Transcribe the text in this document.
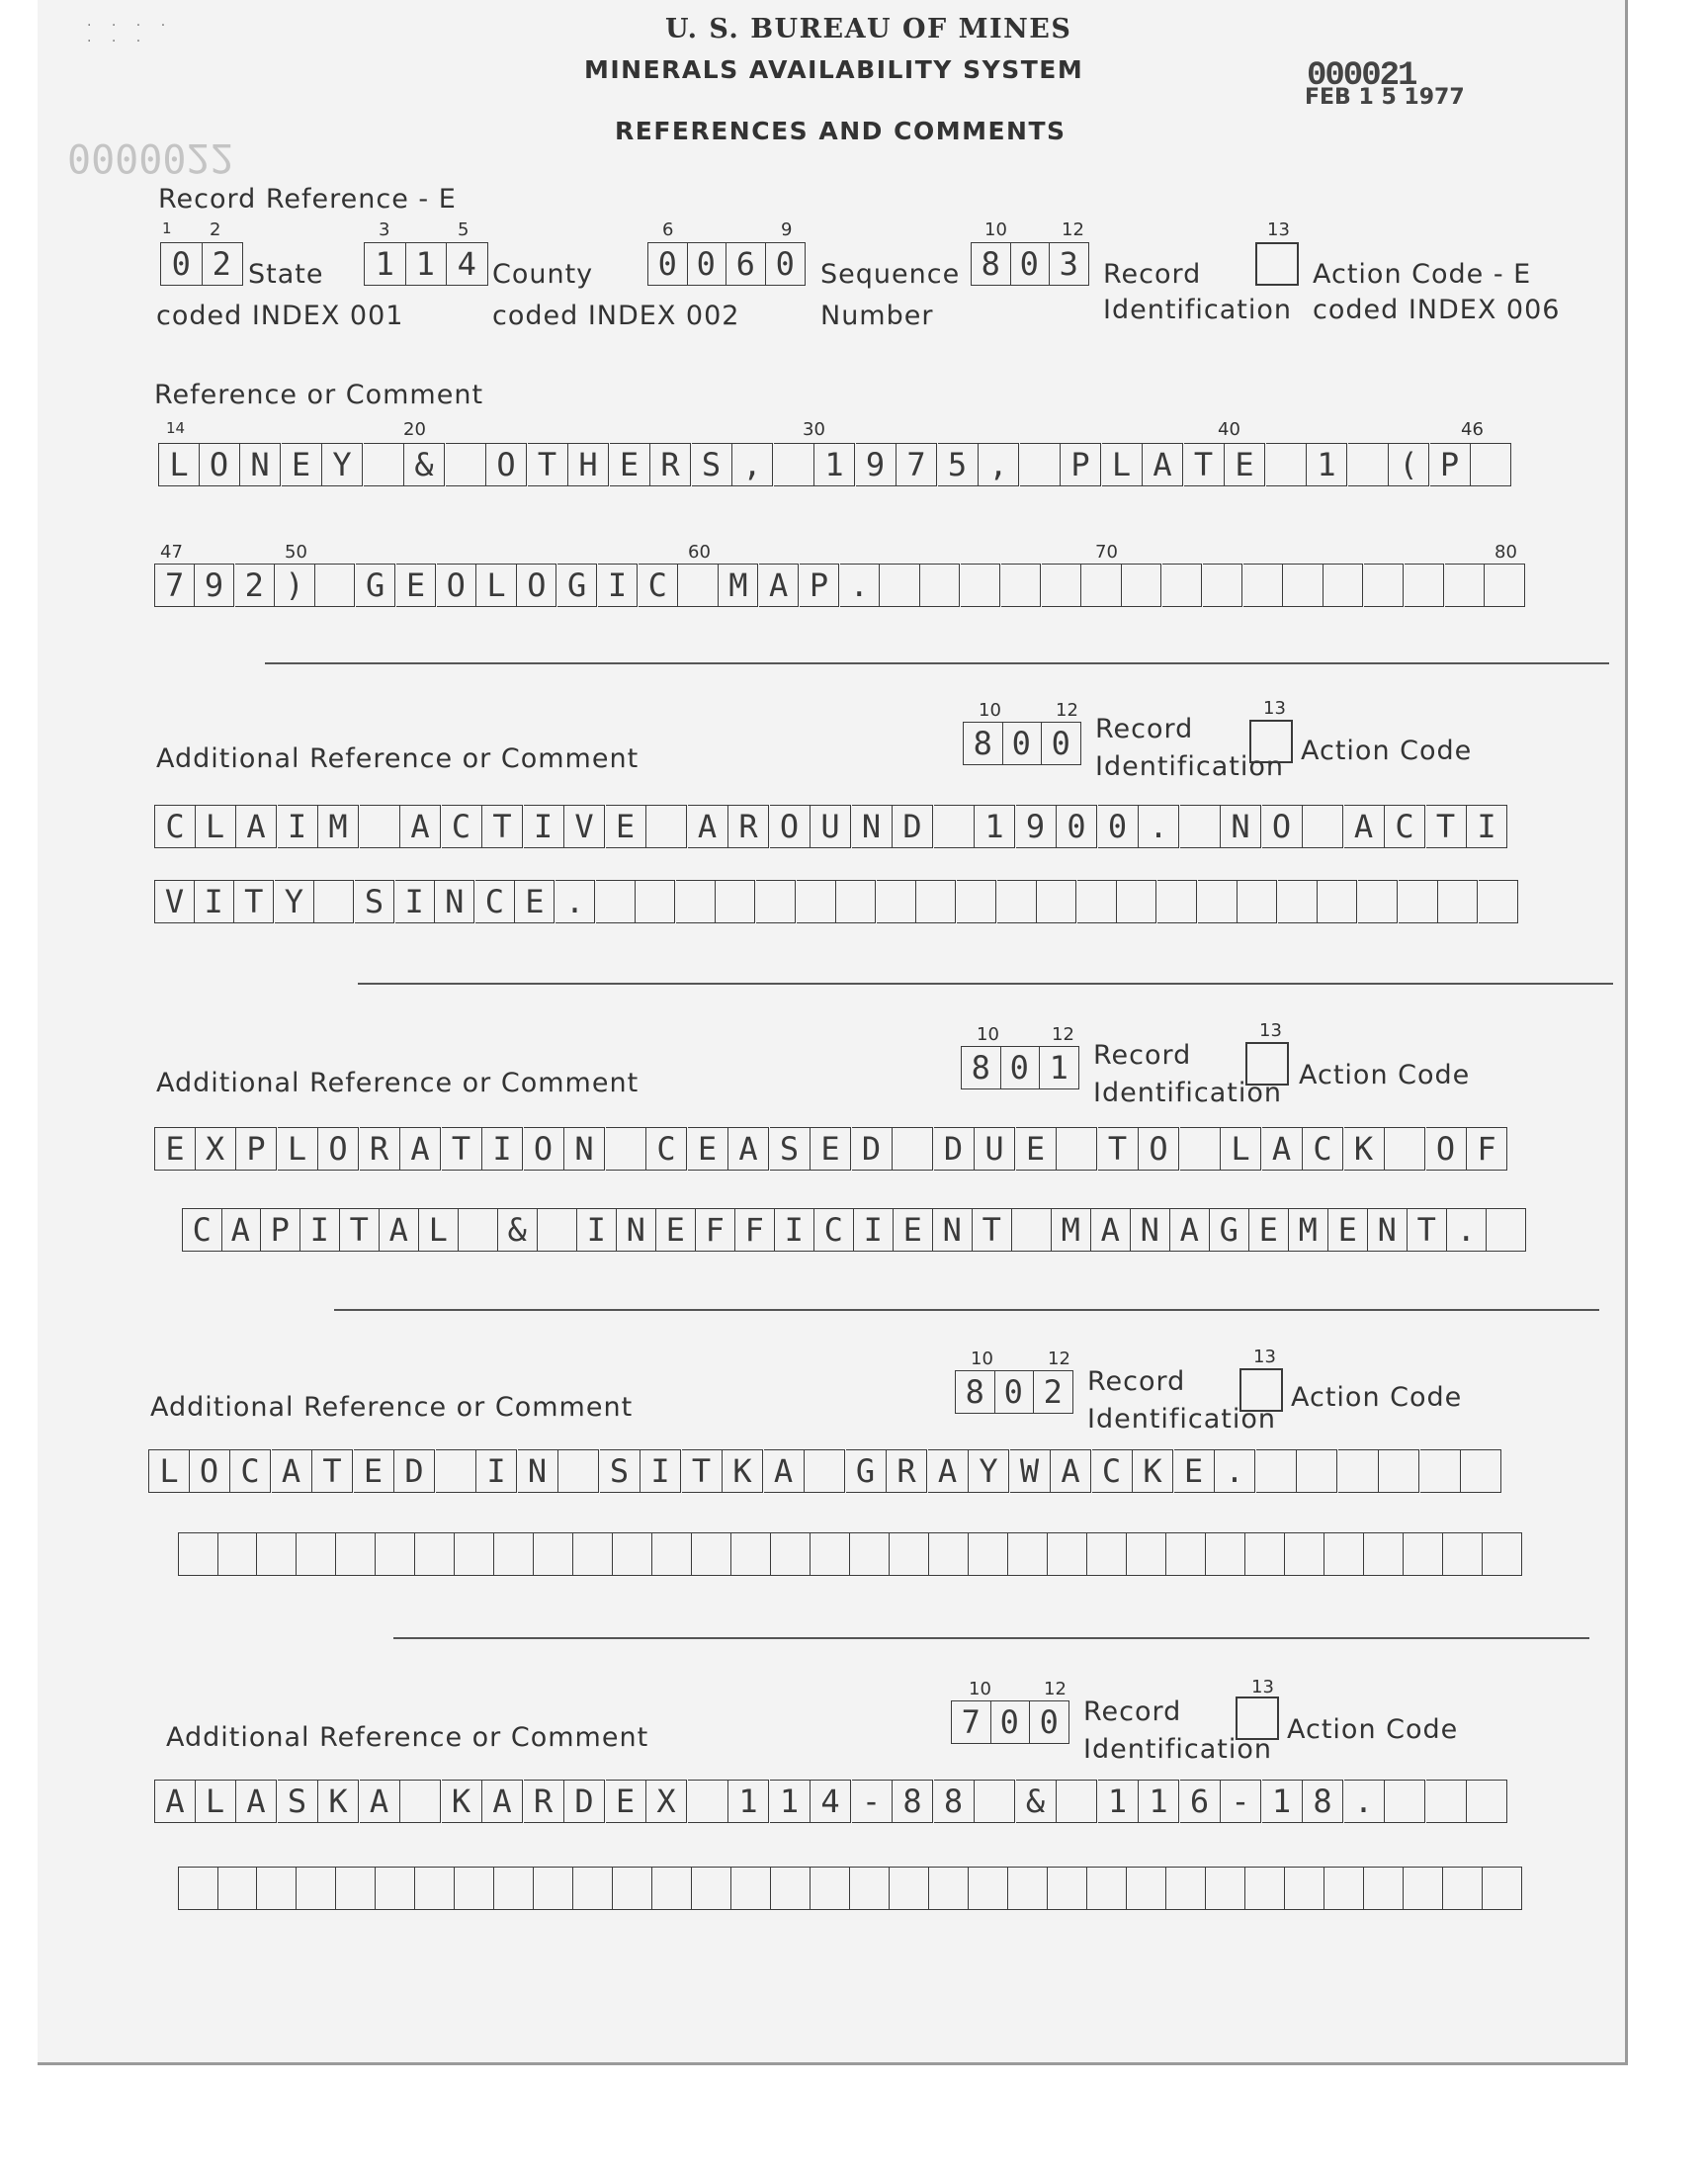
· · · ·
· · ·	U. S. BUREAU OF MINES
MINERALS AVAILABILITY SYSTEM
REFERENCES AND COMMENTS
000021
FEB 1 5 1977
0000022
Record Reference - E
1 2
0 2 State
coded INDEX 001
3	5
1 1 4 County
coded INDEX 002
6	9
0 0 6 0 Sequence
Number
10	12
8 0 3 Record
Identification
13
Action Code - E
coded INDEX 006
Reference or Comment
14	20	30	40	46
L O N E Y	&	O T H E R S ,	1 9 7 5 ,	P L A T E	1	( P
47	50	60	70	80
7 9 2 )	G E O L O G I C	M A P .
10	12
8 0 0 Record
Identification
13
Action Code
Additional Reference or Comment
C L A I M	A C T I V E	A R O U N D	1 9 0 0 .	N O	A C T I
V I T Y	S I N C E .
10	12
8 0 1 Record
Identification
13
Action Code
Additional Reference or Comment
E X P L O R A T I O N	C E A S E D	D U E	T O	L A C K	O F
C A P I T A L	&	I N E F F I C I E N T	M A N A G E M E N T .
10	12
8 0 2 Record
Identification
13
Action Code
Additional Reference or Comment
L O C A T E D	I N	S I T K A	G R A Y W A C K E .
10	12
7 0 0 Record
Identification
13
Action Code
Additional Reference or Comment
A L A S K A	K A R D E X	1 1 4 - 8 8	&	1 1 6 - 1 8 .
